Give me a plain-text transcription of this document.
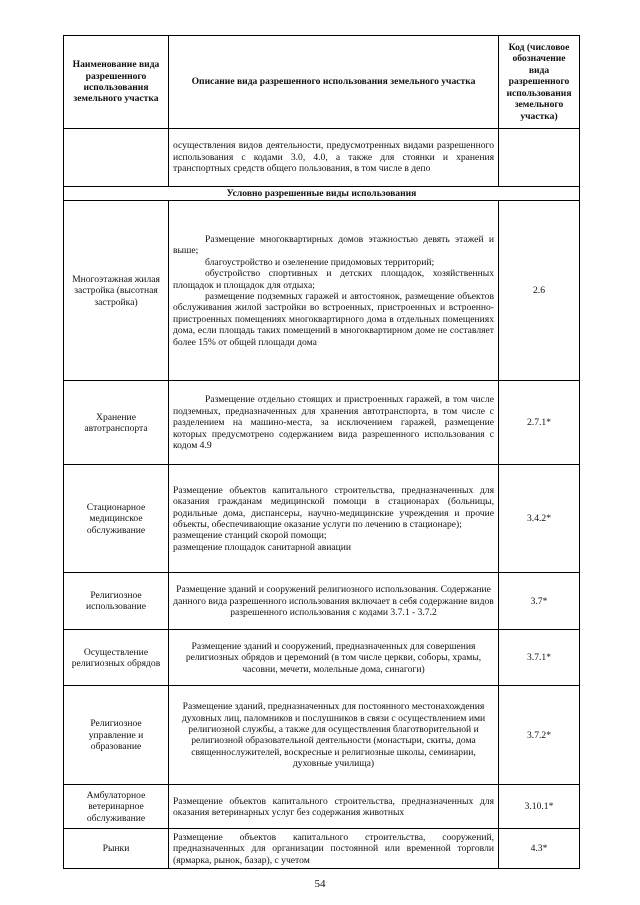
Наименование вида разрешенного использования земельного участка	Описание вида разрешенного использования земельного участка	Код (числовое обозначение вида разрешенного использования земельного участка)
	осуществления видов деятельности, предусмотренных видами разрешенного использования с кодами 3.0, 4.0, а также для стоянки и хранения транспортных средств общего пользования, в том числе в депо	
Условно разрешенные виды использования		
Многоэтажная жилая застройка (высотная застройка)	Размещение многоквартирных домов этажностью девять этажей и выше;

благоустройство и озеленение придомовых территорий;

обустройство спортивных и детских площадок, хозяйственных площадок и площадок для отдыха;

размещение подземных гаражей и автостоянок, размещение объектов обслуживания жилой застройки во встроенных, пристроенных и встроенно-пристроенных помещениях многоквартирного дома в отдельных помещениях дома, если площадь таких помещений в многоквартирном доме не составляет более 15% от общей площади дома	2.6
Хранение автотранспорта	Размещение отдельно стоящих и пристроенных гаражей, в том числе подземных, предназначенных для хранения автотранспорта, в том числе с разделением на машино-места, за исключением гаражей, размещение которых предусмотрено содержанием вида разрешенного использования с кодом 4.9	2.7.1*
Стационарное медицинское обслуживание	Размещение объектов капитального строительства, предназначенных для оказания гражданам медицинской помощи в стационарах (больницы, родильные дома, диспансеры, научно-медицинские учреждения и прочие объекты, обеспечивающие оказание услуги по лечению в стационаре);

размещение станций скорой помощи;

размещение площадок санитарной авиации	3.4.2*
Религиозное использование	Размещение зданий и сооружений религиозного использования. Содержание данного вида разрешенного использования включает в себя содержание видов разрешенного использования с кодами 3.7.1 - 3.7.2	3.7*
Осуществление религиозных обрядов	Размещение зданий и сооружений, предназначенных для совершения религиозных обрядов и церемоний (в том числе церкви, соборы, храмы, часовни, мечети, молельные дома, синагоги)	3.7.1*
Религиозное управление и образование	Размещение зданий, предназначенных для постоянного местонахождения духовных лиц, паломников и послушников в связи с осуществлением ими религиозной службы, а также для осуществления благотворительной и религиозной образовательной деятельности (монастыри, скиты, дома священнослужителей, воскресные и религиозные школы, семинарии, духовные училища)	3.7.2*
Амбулаторное ветеринарное обслуживание	Размещение объектов капитального строительства, предназначенных для оказания ветеринарных услуг без содержания животных	3.10.1*
Рынки	Размещение объектов капитального строительства, сооружений, предназначенных для организации постоянной или временной торговли (ярмарка, рынок, базар), с учетом	4.3*
54
